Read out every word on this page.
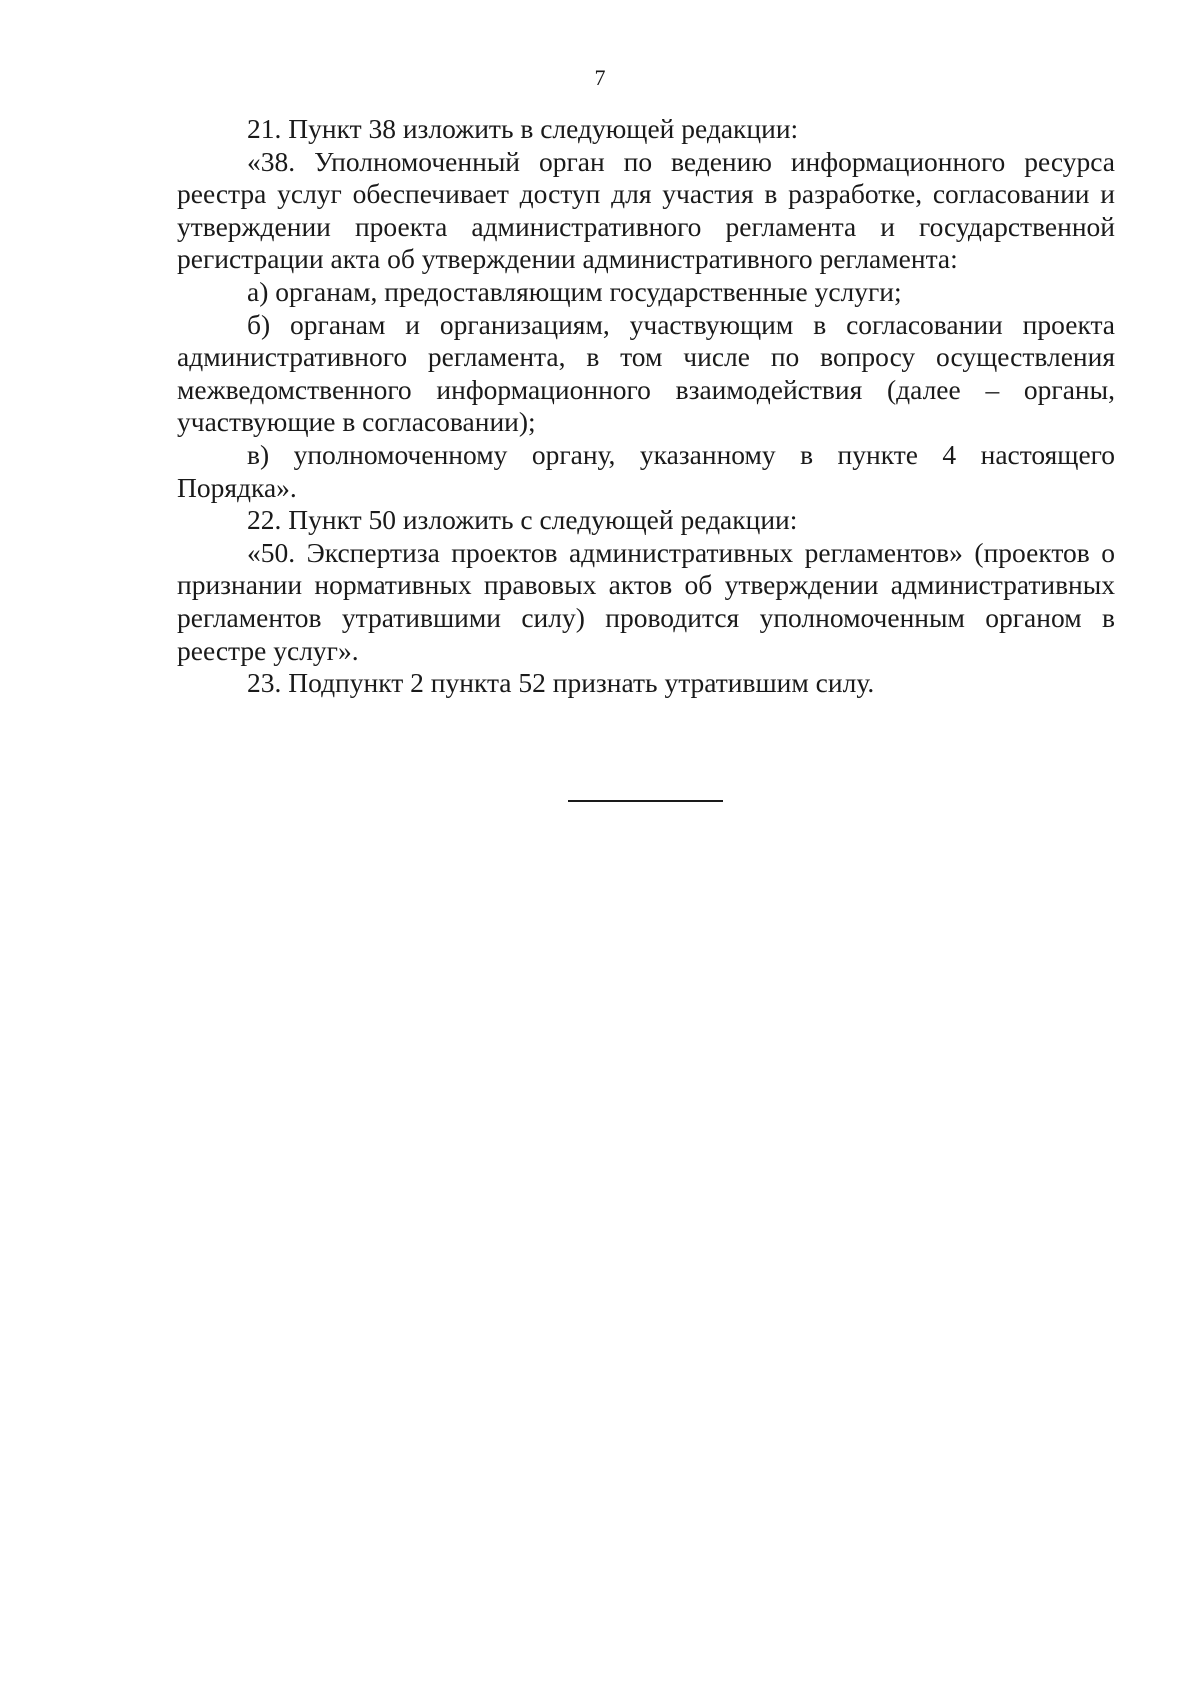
7

21. Пункт 38 изложить в следующей редакции:

«38. Уполномоченный орган по ведению информационного ресурса реестра услуг обеспечивает доступ для участия в разработке, согласовании и утверждении проекта административного регламента и государственной регистрации акта об утверждении административного регламента:

а) органам, предоставляющим государственные услуги;

б) органам и организациям, участвующим в согласовании проекта административного регламента, в том числе по вопросу осуществления межведомственного информационного взаимодействия (далее – органы, участвующие в согласовании);

в) уполномоченному органу, указанному в пункте 4 настоящего Порядка».

22. Пункт 50 изложить с следующей редакции:

«50. Экспертиза проектов административных регламентов» (проектов о признании нормативных правовых актов об утверждении административных регламентов утратившими силу) проводится уполномоченным органом в реестре услуг».

23. Подпункт 2 пункта 52 признать утратившим силу.
